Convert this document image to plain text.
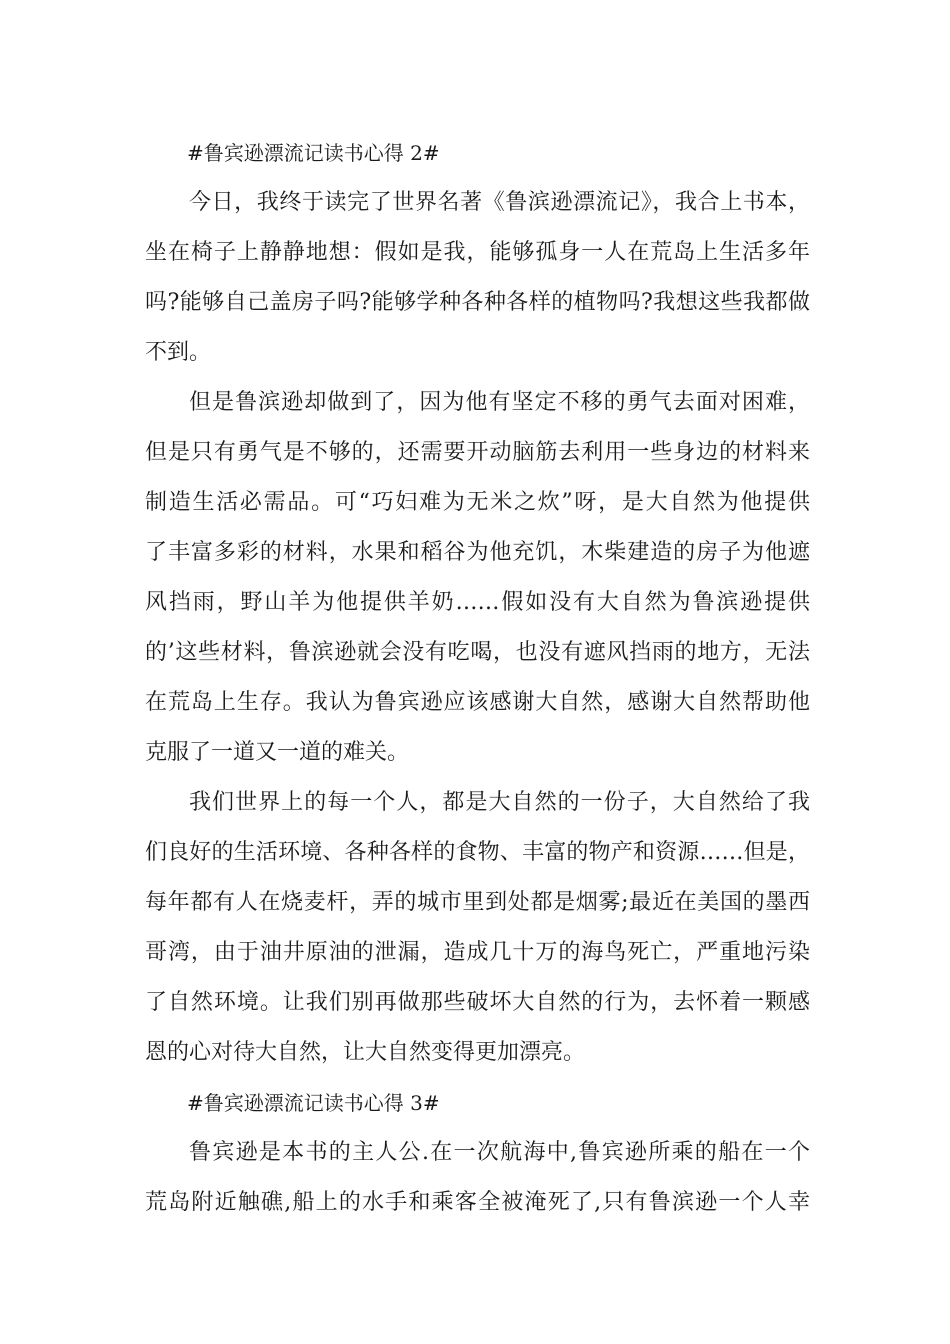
#鲁宾逊漂流记读书心得 2#
今日，我终于读完了世界名著《鲁滨逊漂流记》，我合上书本，
坐在椅子上静静地想：假如是我，能够孤身一人在荒岛上生活多年
吗?能够自己盖房子吗?能够学种各种各样的植物吗?我想这些我都做
不到。
但是鲁滨逊却做到了，因为他有坚定不移的勇气去面对困难，
但是只有勇气是不够的，还需要开动脑筋去利用一些身边的材料来
制造生活必需品。可“巧妇难为无米之炊”呀，是大自然为他提供
了丰富多彩的材料，水果和稻谷为他充饥，木柴建造的房子为他遮
风挡雨，野山羊为他提供羊奶……假如没有大自然为鲁滨逊提供
的’这些材料，鲁滨逊就会没有吃喝，也没有遮风挡雨的地方，无法
在荒岛上生存。我认为鲁宾逊应该感谢大自然，感谢大自然帮助他
克服了一道又一道的难关。
我们世界上的每一个人，都是大自然的一份子，大自然给了我
们良好的生活环境、各种各样的食物、丰富的物产和资源……但是，
每年都有人在烧麦杆，弄的城市里到处都是烟雾;最近在美国的墨西
哥湾，由于油井原油的泄漏，造成几十万的海鸟死亡，严重地污染
了自然环境。让我们别再做那些破坏大自然的行为，去怀着一颗感
恩的心对待大自然，让大自然变得更加漂亮。
#鲁宾逊漂流记读书心得 3#
鲁宾逊是本书的主人公.在一次航海中,鲁宾逊所乘的船在一个
荒岛附近触礁,船上的水手和乘客全被淹死了,只有鲁滨逊一个人幸
